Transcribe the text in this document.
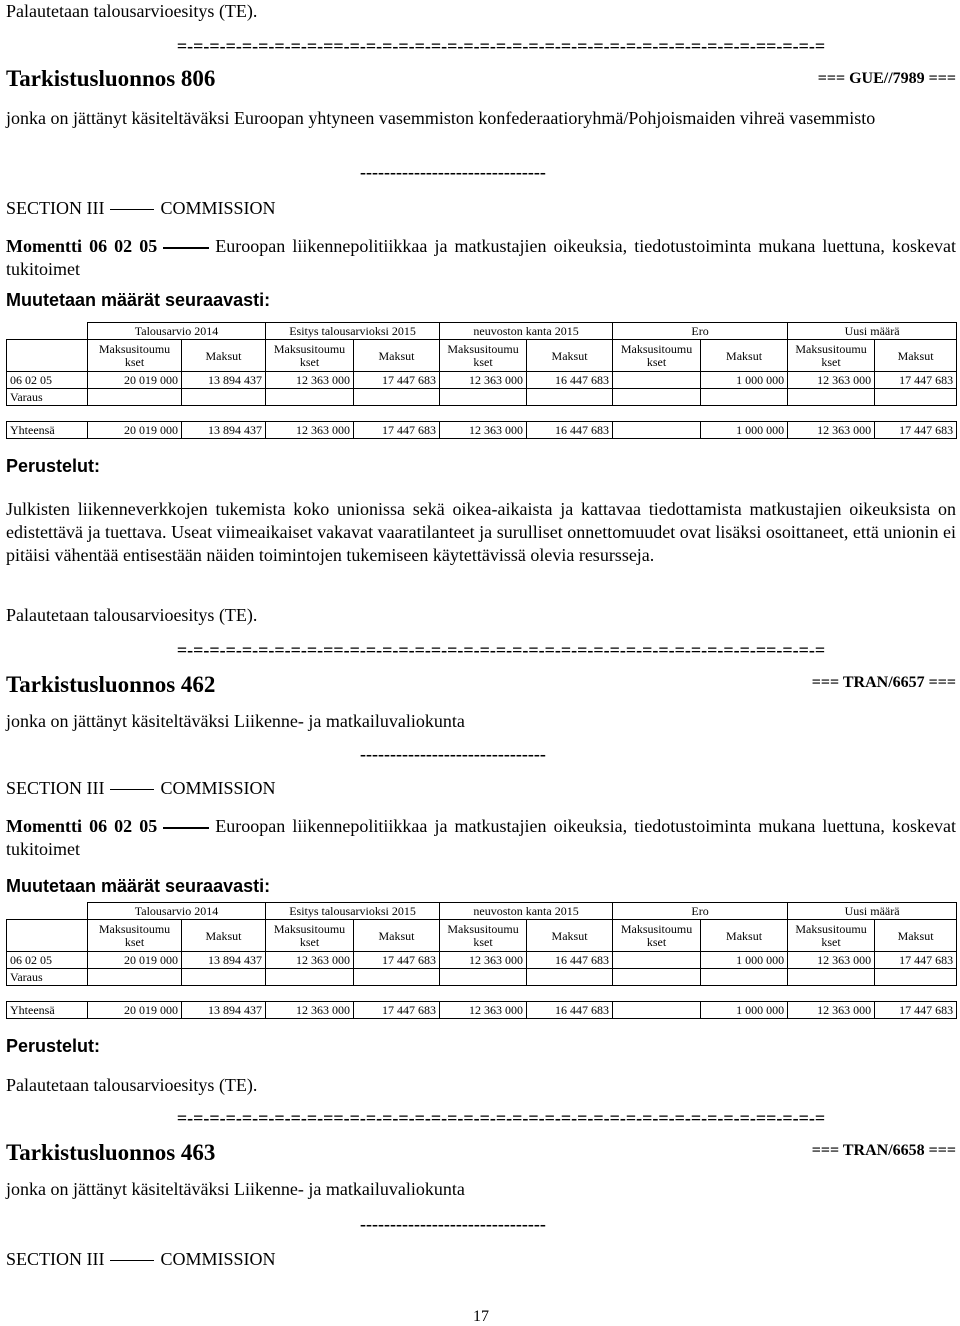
Palautetaan talousarvioesitys (TE).
=-=-=-=-=-=-=-=-=-==-=-=-=-=-=-=-=-=-=-=-=-=-=-=-=-=-=-=-=-=-=-=-=-=-=-==-=-=-=
Tarkistusluonnos 806	=== GUE//7989 ===
jonka on jättänyt käsiteltäväksi Euroopan yhtyneen vasemmiston konfederaatioryhmä/Pohjoismaiden vihreä vasemmisto
-------------------------------
SECTION III	COMMISSION
Momentti 06 02 05	Euroopan liikennepolitiikkaa ja matkustajien oikeuksia, tiedotustoiminta mukana luettuna, koskevat tukitoimet
Muutetaan määrät seuraavasti:
	Talousarvio 2014		Esitys talousarvioksi 2015		neuvoston kanta 2015		Ero		Uusi määrä	
	Maksusitoumu
kset	Maksut	Maksusitoumu
kset	Maksut	Maksusitoumu
kset	Maksut	Maksusitoumu
kset	Maksut	Maksusitoumu
kset	Maksut
06 02 05	20 019 000	13 894 437	12 363 000	17 447 683	12 363 000	16 447 683		1 000 000	12 363 000	17 447 683
Varaus										

Yhteensä	20 019 000	13 894 437	12 363 000	17 447 683	12 363 000	16 447 683		1 000 000	12 363 000	17 447 683
Perustelut:
Julkisten liikenneverkkojen tukemista koko unionissa sekä oikea-aikaista ja kattavaa tiedottamista matkustajien oikeuksista on edistettävä ja tuettava. Useat viimeaikaiset vakavat vaaratilanteet ja surulliset onnettomuudet ovat lisäksi osoittaneet, että unionin ei pitäisi vähentää entisestään näiden toimintojen tukemiseen käytettävissä olevia resursseja.
Palautetaan talousarvioesitys (TE).
=-=-=-=-=-=-=-=-=-==-=-=-=-=-=-=-=-=-=-=-=-=-=-=-=-=-=-=-=-=-=-=-=-=-=-==-=-=-=
Tarkistusluonnos 462	=== TRAN/6657 ===
jonka on jättänyt käsiteltäväksi Liikenne- ja matkailuvaliokunta
-------------------------------
SECTION III	COMMISSION
Momentti 06 02 05	Euroopan liikennepolitiikkaa ja matkustajien oikeuksia, tiedotustoiminta mukana luettuna, koskevat tukitoimet
Muutetaan määrät seuraavasti:
	Talousarvio 2014		Esitys talousarvioksi 2015		neuvoston kanta 2015		Ero		Uusi määrä	
	Maksusitoumu
kset	Maksut	Maksusitoumu
kset	Maksut	Maksusitoumu
kset	Maksut	Maksusitoumu
kset	Maksut	Maksusitoumu
kset	Maksut
06 02 05	20 019 000	13 894 437	12 363 000	17 447 683	12 363 000	16 447 683		1 000 000	12 363 000	17 447 683
Varaus										

Yhteensä	20 019 000	13 894 437	12 363 000	17 447 683	12 363 000	16 447 683		1 000 000	12 363 000	17 447 683
Perustelut:
Palautetaan talousarvioesitys (TE).
=-=-=-=-=-=-=-=-=-==-=-=-=-=-=-=-=-=-=-=-=-=-=-=-=-=-=-=-=-=-=-=-=-=-=-==-=-=-=
Tarkistusluonnos 463	=== TRAN/6658 ===
jonka on jättänyt käsiteltäväksi Liikenne- ja matkailuvaliokunta
-------------------------------
SECTION III	COMMISSION
17
